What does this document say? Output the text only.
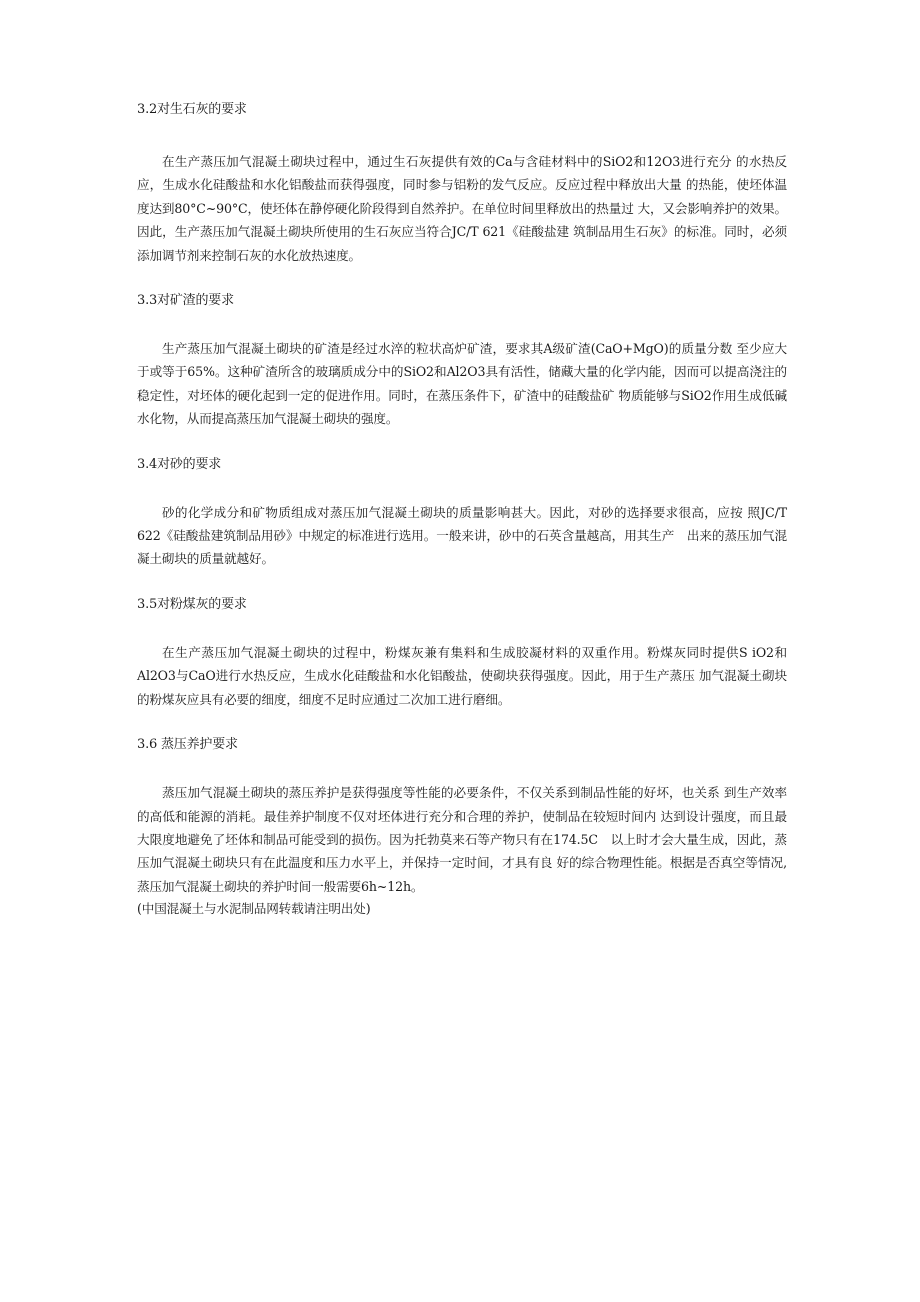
3.2对生石灰的要求

在生产蒸压加气混凝土砌块过程中，通过生石灰提供有效的Ca与含硅材料中的SiO2和12O3进行充分 的水热反应，生成水化硅酸盐和水化铝酸盐而获得强度，同时参与铝粉的发气反应。反应过程中释放出大量 的热能，使坯体温度达到80°C~90°C，使坯体在静停硬化阶段得到自然养护。在单位时间里释放出的热量过 大，又会影响养护的效果。因此，生产蒸压加气混凝土砌块所使用的生石灰应当符合JC/T 621《硅酸盐建 筑制品用生石灰》的标准。同时，必须添加调节剂来控制石灰的水化放热速度。

3.3对矿渣的要求

生产蒸压加气混凝土砌块的矿渣是经过水淬的粒状高炉矿渣，要求其A级矿渣(CaO+MgO)的质量分数 至少应大于或等于65%。这种矿渣所含的玻璃质成分中的SiO2和Al2O3具有活性，储藏大量的化学内能，因而可以提高浇注的稳定性，对坯体的硬化起到一定的促进作用。同时，在蒸压条件下，矿渣中的硅酸盐矿 物质能够与SiO2作用生成低碱水化物，从而提高蒸压加气混凝土砌块的强度。

3.4对砂的要求

砂的化学成分和矿物质组成对蒸压加气混凝土砌块的质量影响甚大。因此，对砂的选择要求很高，应按 照JC/T　622《硅酸盐建筑制品用砂》中规定的标准进行选用。一般来讲，砂中的石英含量越高，用其生产　出来的蒸压加气混凝土砌块的质量就越好。

3.5对粉煤灰的要求

在生产蒸压加气混凝土砌块的过程中，粉煤灰兼有集料和生成胶凝材料的双重作用。粉煤灰同时提供S iO2和Al2O3与CaO进行水热反应，生成水化硅酸盐和水化铝酸盐，使砌块获得强度。因此，用于生产蒸压 加气混凝土砌块的粉煤灰应具有必要的细度，细度不足时应通过二次加工进行磨细。

3.6 蒸压养护要求

蒸压加气混凝土砌块的蒸压养护是获得强度等性能的必要条件，不仅关系到制品性能的好坏，也关系 到生产效率的高低和能源的消耗。最佳养护制度不仅对坯体进行充分和合理的养护，使制品在较短时间内 达到设计强度，而且最大限度地避免了坯体和制品可能受到的损伤。因为托勃莫来石等产物只有在174.5C　以上时才会大量生成，因此，蒸压加气混凝土砌块只有在此温度和压力水平上，并保持一定时间，才具有良 好的综合物理性能。根据是否真空等情况,蒸压加气混凝土砌块的养护时间一般需要6h~12h。

(中国混凝土与水泥制品网转载请注明出处)
